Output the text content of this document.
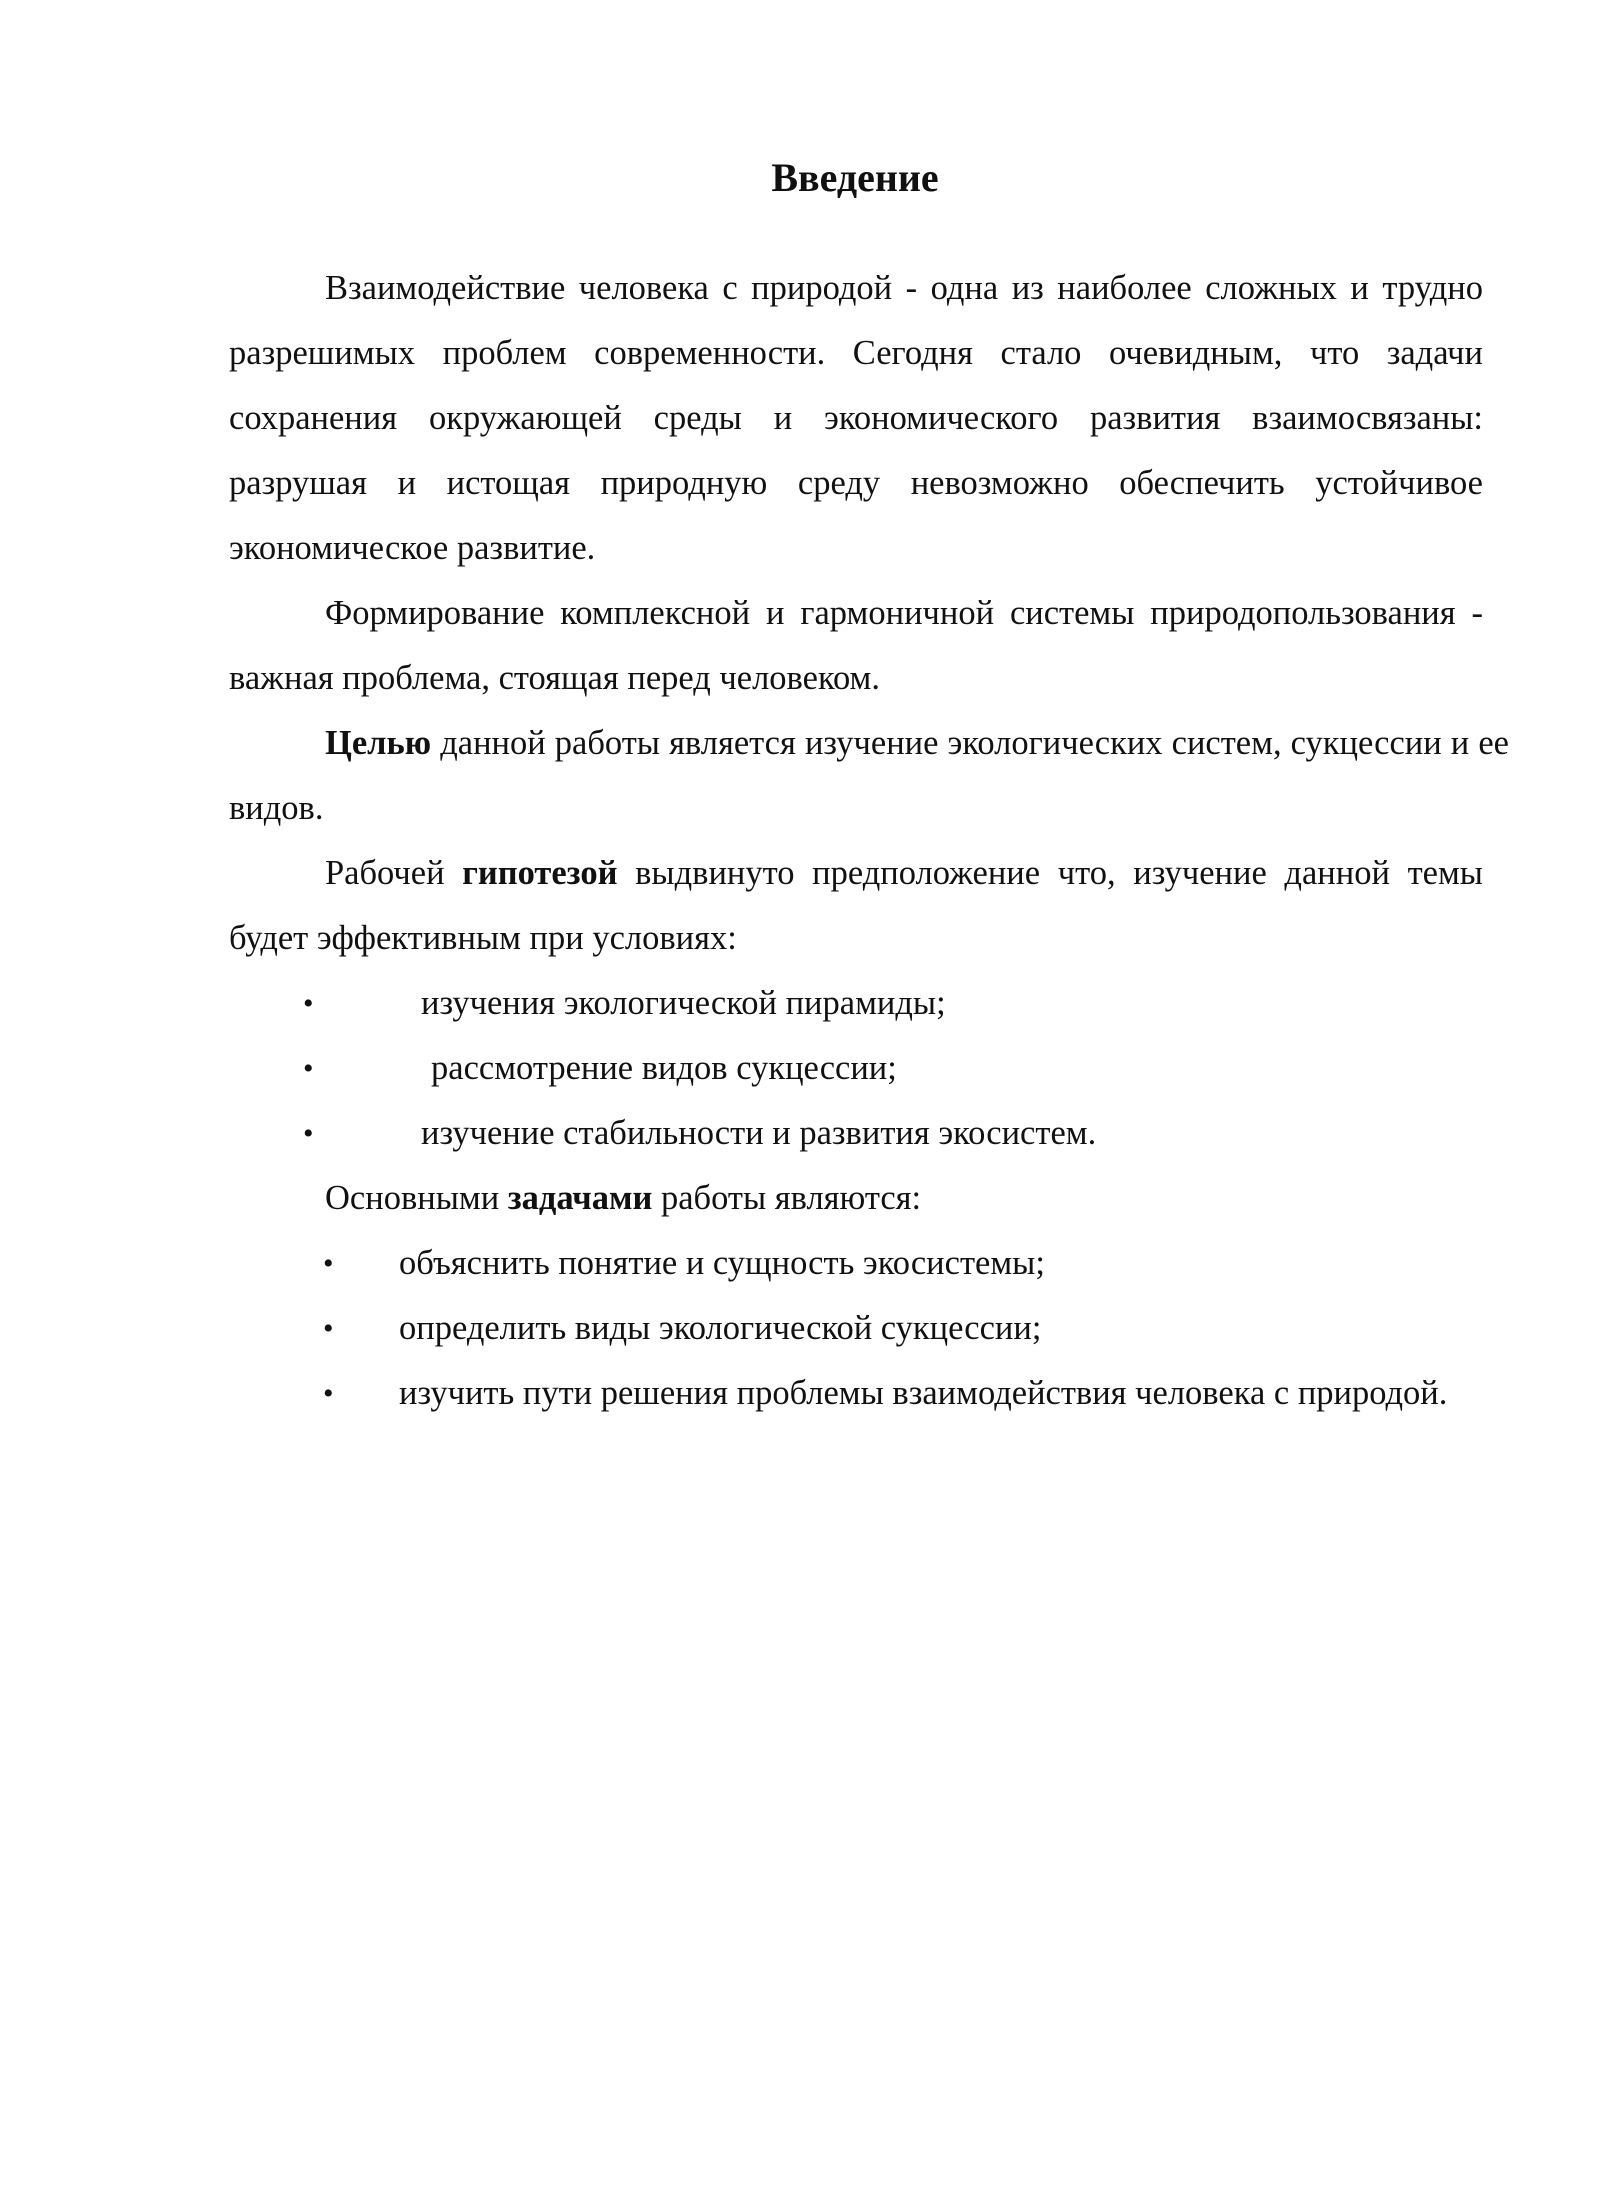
Введение

Взаимодействие человека с природой - одна из наиболее сложных и трудно разрешимых проблем современности. Сегодня стало очевидным, что задачи сохранения окружающей среды и экономического развития взаимосвязаны: разрушая и истощая природную среду невозможно обеспечить устойчивое экономическое развитие.

Формирование комплексной и гармоничной системы природопользования - важная проблема, стоящая перед человеком.

Целью данной работы является изучение экологических систем, сукцессии и ее видов.

Рабочей гипотезой выдвинуто предположение что, изучение данной темы будет эффективным при условиях:

•	изучения экологической пирамиды;
•	рассмотрение видов сукцессии;
•	изучение стабильности и развития экосистем.

Основными задачами работы являются:

• объяснить понятие и сущность экосистемы;
• определить виды экологической сукцессии;
• изучить пути решения проблемы взаимодействия человека с природой.
